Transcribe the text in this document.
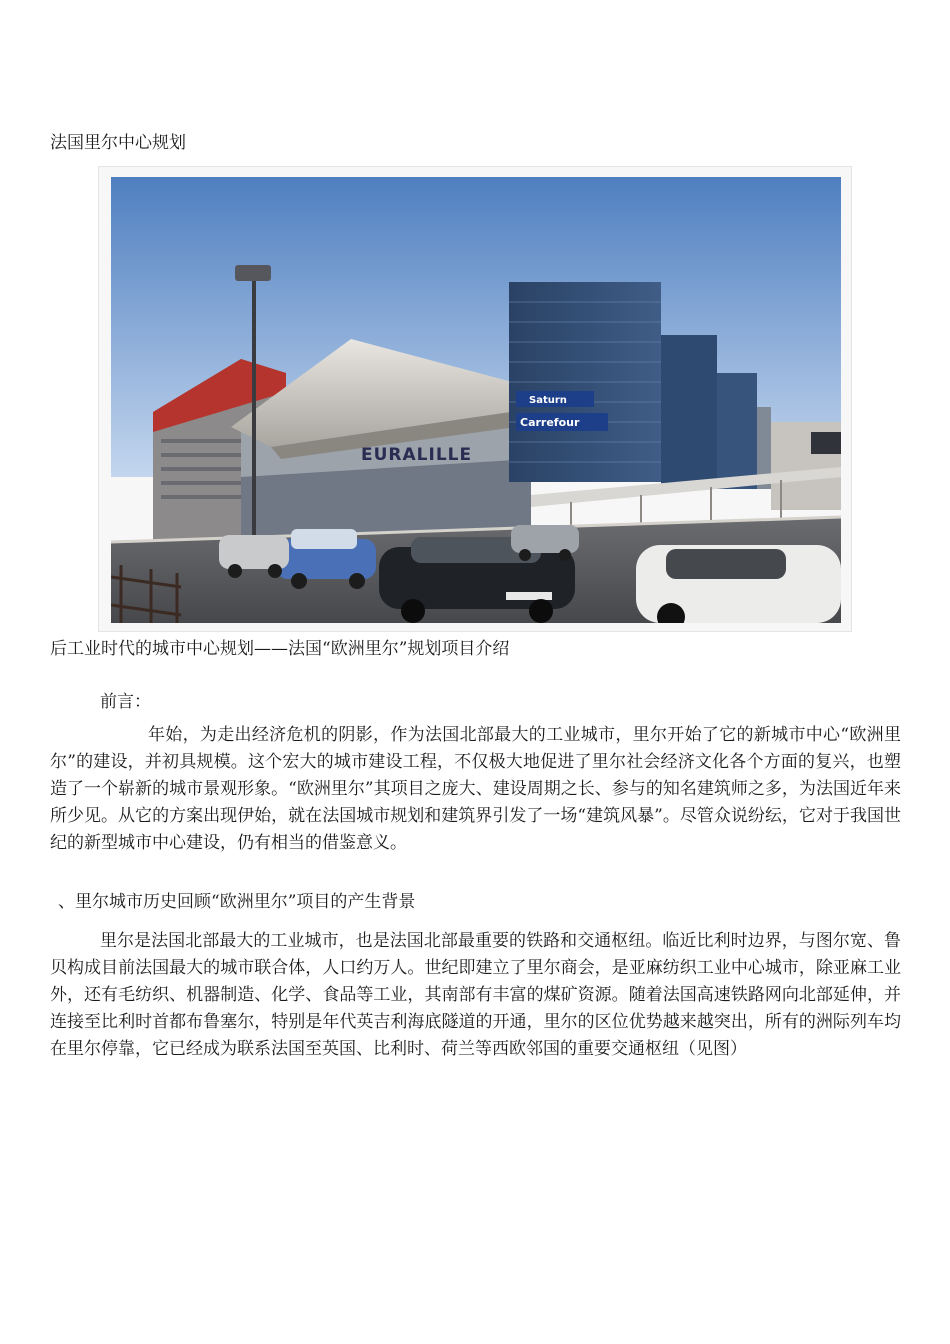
法国里尔中心规划
EURALILLE
Saturn
Carrefour

后工业时代的城市中心规划——法国“欧洲里尔”规划项目介绍

前言：

年始，为走出经济危机的阴影，作为法国北部最大的工业城市，里尔开始了它的新城市中心“欧洲里尔”的建设，并初具规模。这个宏大的城市建设工程，不仅极大地促进了里尔社会经济文化各个方面的复兴，也塑造了一个崭新的城市景观形象。“欧洲里尔”其项目之庞大、建设周期之长、参与的知名建筑师之多，为法国近年来所少见。从它的方案出现伊始，就在法国城市规划和建筑界引发了一场“建筑风暴”。尽管众说纷纭，它对于我国世纪的新型城市中心建设，仍有相当的借鉴意义。

、里尔城市历史回顾“欧洲里尔”项目的产生背景

里尔是法国北部最大的工业城市，也是法国北部最重要的铁路和交通枢纽。临近比利时边界，与图尔宽、鲁贝构成目前法国最大的城市联合体，人口约万人。世纪即建立了里尔商会，是亚麻纺织工业中心城市，除亚麻工业外，还有毛纺织、机器制造、化学、食品等工业，其南部有丰富的煤矿资源。随着法国高速铁路网向北部延伸，并连接至比利时首都布鲁塞尔，特别是年代英吉利海底隧道的开通，里尔的区位优势越来越突出，所有的洲际列车均在里尔停靠，它已经成为联系法国至英国、比利时、荷兰等西欧邻国的重要交通枢纽（见图）
